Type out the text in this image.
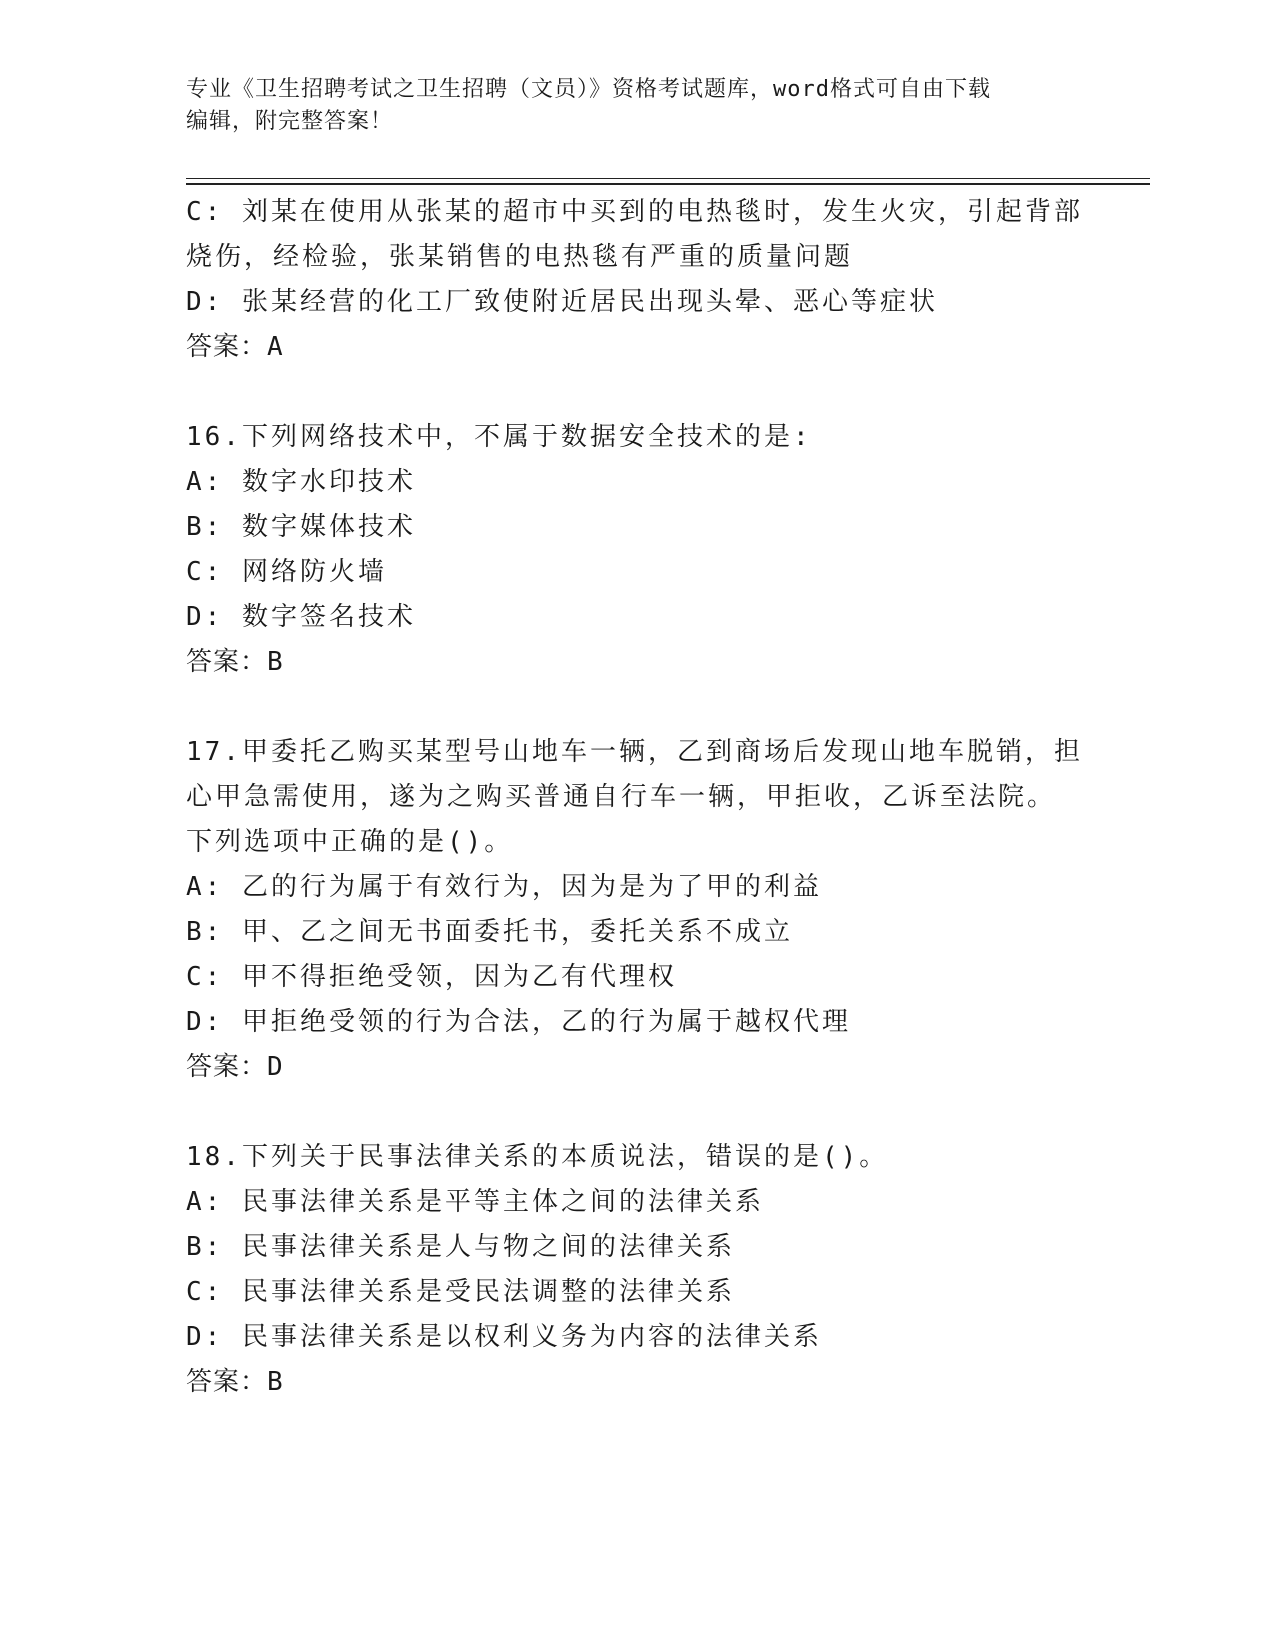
专业《卫生招聘考试之卫生招聘（文员）》资格考试题库，word格式可自由下载
编辑，附完整答案！
C: 刘某在使用从张某的超市中买到的电热毯时，发生火灾，引起背部
烧伤，经检验，张某销售的电热毯有严重的质量问题
D: 张某经营的化工厂致使附近居民出现头晕、恶心等症状
答案：A
16.下列网络技术中，不属于数据安全技术的是:
A: 数字水印技术
B: 数字媒体技术
C: 网络防火墙
D: 数字签名技术
答案：B
17.甲委托乙购买某型号山地车一辆，乙到商场后发现山地车脱销，担
心甲急需使用，遂为之购买普通自行车一辆，甲拒收，乙诉至法院。
下列选项中正确的是()。
A: 乙的行为属于有效行为，因为是为了甲的利益
B: 甲、乙之间无书面委托书，委托关系不成立
C: 甲不得拒绝受领，因为乙有代理权
D: 甲拒绝受领的行为合法，乙的行为属于越权代理
答案：D
18.下列关于民事法律关系的本质说法，错误的是()。
A: 民事法律关系是平等主体之间的法律关系
B: 民事法律关系是人与物之间的法律关系
C: 民事法律关系是受民法调整的法律关系
D: 民事法律关系是以权利义务为内容的法律关系
答案：B
